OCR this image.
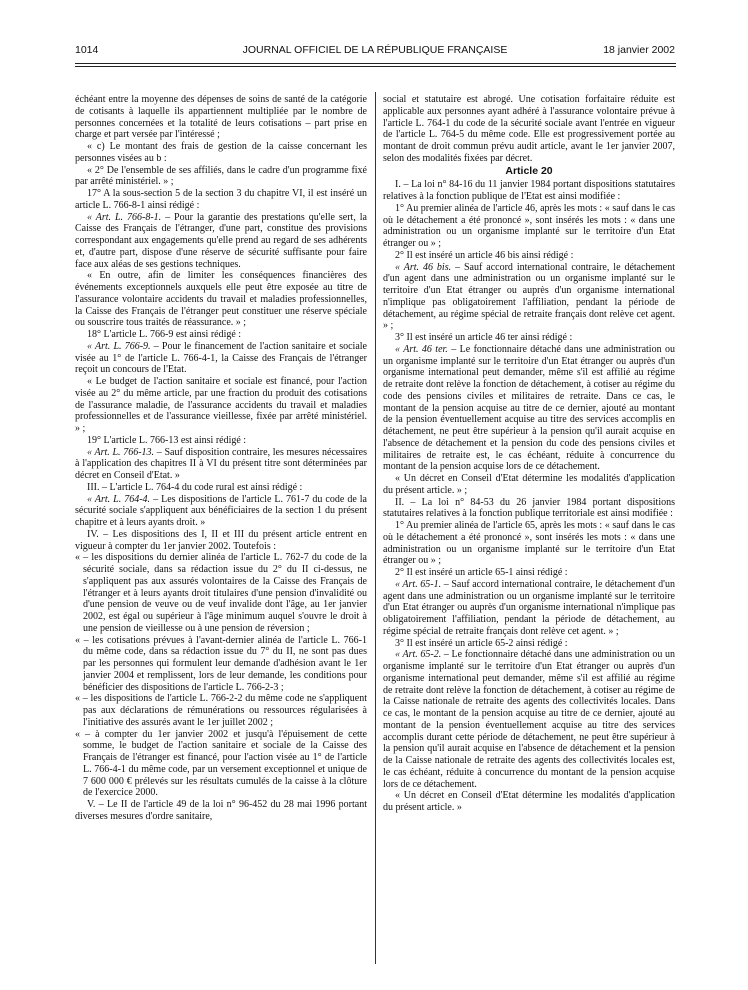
1014	JOURNAL OFFICIEL DE LA RÉPUBLIQUE FRANÇAISE	18 janvier 2002

échéant entre la moyenne des dépenses de soins de santé de la catégorie de cotisants à laquelle ils appartiennent multipliée par le nombre de personnes concernées et la totalité de leurs cotisations – part prise en charge et part versée par l'intéressé ;

« c) Le montant des frais de gestion de la caisse concernant les personnes visées au b :

« 2° De l'ensemble de ses affiliés, dans le cadre d'un programme fixé par arrêté ministériel. » ;

17° A la sous-section 5 de la section 3 du chapitre VI, il est inséré un article L. 766-8-1 ainsi rédigé :

« Art. L. 766-8-1. – Pour la garantie des prestations qu'elle sert, la Caisse des Français de l'étranger, d'une part, constitue des provisions correspondant aux engagements qu'elle prend au regard de ses adhérents et, d'autre part, dispose d'une réserve de sécurité suffisante pour faire face aux aléas de ses gestions techniques.

« En outre, afin de limiter les conséquences financières des événements exceptionnels auxquels elle peut être exposée au titre de l'assurance volontaire accidents du travail et maladies professionnelles, la Caisse des Français de l'étranger peut constituer une réserve spéciale ou souscrire tous traités de réassurance. » ;

18° L'article L. 766-9 est ainsi rédigé :

« Art. L. 766-9. – Pour le financement de l'action sanitaire et sociale visée au 1° de l'article L. 766-4-1, la Caisse des Français de l'étranger reçoit un concours de l'Etat.

« Le budget de l'action sanitaire et sociale est financé, pour l'action visée au 2° du même article, par une fraction du produit des cotisations de l'assurance maladie, de l'assurance accidents du travail et maladies professionnelles et de l'assurance vieillesse, fixée par arrêté ministériel. » ;

19° L'article L. 766-13 est ainsi rédigé :

« Art. L. 766-13. – Sauf disposition contraire, les mesures nécessaires à l'application des chapitres II à VI du présent titre sont déterminées par décret en Conseil d'Etat. »

III. – L'article L. 764-4 du code rural est ainsi rédigé :

« Art. L. 764-4. – Les dispositions de l'article L. 761-7 du code de la sécurité sociale s'appliquent aux bénéficiaires de la section 1 du présent chapitre et à leurs ayants droit. »

IV. – Les dispositions des I, II et III du présent article entrent en vigueur à compter du 1er janvier 2002. Toutefois :

« – les dispositions du dernier alinéa de l'article L. 762-7 du code de la sécurité sociale, dans sa rédaction issue du 2° du II ci-dessus, ne s'appliquent pas aux assurés volontaires de la Caisse des Français de l'étranger et à leurs ayants droit titulaires d'une pension d'invalidité ou d'une pension de veuve ou de veuf invalide dont l'âge, au 1er janvier 2002, est égal ou supérieur à l'âge minimum auquel s'ouvre le droit à une pension de vieillesse ou à une pension de réversion ;

« – les cotisations prévues à l'avant-dernier alinéa de l'article L. 766-1 du même code, dans sa rédaction issue du 7° du II, ne sont pas dues par les personnes qui formulent leur demande d'adhésion avant le 1er janvier 2004 et remplissent, lors de leur demande, les conditions pour bénéficier des dispositions de l'article L. 766-2-3 ;

« – les dispositions de l'article L. 766-2-2 du même code ne s'appliquent pas aux déclarations de rémunérations ou ressources régularisées à l'initiative des assurés avant le 1er juillet 2002 ;

« – à compter du 1er janvier 2002 et jusqu'à l'épuisement de cette somme, le budget de l'action sanitaire et sociale de la Caisse des Français de l'étranger est financé, pour l'action visée au 1° de l'article L. 766-4-1 du même code, par un versement exceptionnel et unique de 7 600 000 € prélevés sur les résultats cumulés de la caisse à la clôture de l'exercice 2000.

V. – Le II de l'article 49 de la loi n° 96-452 du 28 mai 1996 portant diverses mesures d'ordre sanitaire,

social et statutaire est abrogé. Une cotisation forfaitaire réduite est applicable aux personnes ayant adhéré à l'assurance volontaire prévue à l'article L. 764-1 du code de la sécurité sociale avant l'entrée en vigueur de l'article L. 764-5 du même code. Elle est progressivement portée au montant de droit commun prévu audit article, avant le 1er janvier 2007, selon des modalités fixées par décret.

Article 20

I. – La loi n° 84-16 du 11 janvier 1984 portant dispositions statutaires relatives à la fonction publique de l'Etat est ainsi modifiée :

1° Au premier alinéa de l'article 46, après les mots : « sauf dans le cas où le détachement a été prononcé », sont insérés les mots : « dans une administration ou un organisme implanté sur le territoire d'un Etat étranger ou » ;

2° Il est inséré un article 46 bis ainsi rédigé :

« Art. 46 bis. – Sauf accord international contraire, le détachement d'un agent dans une administration ou un organisme implanté sur le territoire d'un Etat étranger ou auprès d'un organisme international n'implique pas obligatoirement l'affiliation, pendant la période de détachement, au régime spécial de retraite français dont relève cet agent. » ;

3° Il est inséré un article 46 ter ainsi rédigé :

« Art. 46 ter. – Le fonctionnaire détaché dans une administration ou un organisme implanté sur le territoire d'un Etat étranger ou auprès d'un organisme international peut demander, même s'il est affilié au régime de retraite dont relève la fonction de détachement, à cotiser au régime du code des pensions civiles et militaires de retraite. Dans ce cas, le montant de la pension acquise au titre de ce dernier, ajouté au montant de la pension éventuellement acquise au titre des services accomplis en détachement, ne peut être supérieur à la pension qu'il aurait acquise en l'absence de détachement et la pension du code des pensions civiles et militaires de retraite est, le cas échéant, réduite à concurrence du montant de la pension acquise lors de ce détachement.

« Un décret en Conseil d'Etat détermine les modalités d'application du présent article. » ;

II. – La loi n° 84-53 du 26 janvier 1984 portant dispositions statutaires relatives à la fonction publique territoriale est ainsi modifiée :

1° Au premier alinéa de l'article 65, après les mots : « sauf dans le cas où le détachement a été prononcé », sont insérés les mots : « dans une administration ou un organisme implanté sur le territoire d'un Etat étranger ou » ;

2° Il est inséré un article 65-1 ainsi rédigé :

« Art. 65-1. – Sauf accord international contraire, le détachement d'un agent dans une administration ou un organisme implanté sur le territoire d'un Etat étranger ou auprès d'un organisme international n'implique pas obligatoirement l'affiliation, pendant la période de détachement, au régime spécial de retraite français dont relève cet agent. » ;

3° Il est inséré un article 65-2 ainsi rédigé :

« Art. 65-2. – Le fonctionnaire détaché dans une administration ou un organisme implanté sur le territoire d'un Etat étranger ou auprès d'un organisme international peut demander, même s'il est affilié au régime de retraite dont relève la fonction de détachement, à cotiser au régime de la Caisse nationale de retraite des agents des collectivités locales. Dans ce cas, le montant de la pension acquise au titre de ce dernier, ajouté au montant de la pension éventuellement acquise au titre des services accomplis durant cette période de détachement, ne peut être supérieur à la pension qu'il aurait acquise en l'absence de détachement et la pension de la Caisse nationale de retraite des agents des collectivités locales est, le cas échéant, réduite à concurrence du montant de la pension acquise lors de ce détachement.

« Un décret en Conseil d'Etat détermine les modalités d'application du présent article. »
